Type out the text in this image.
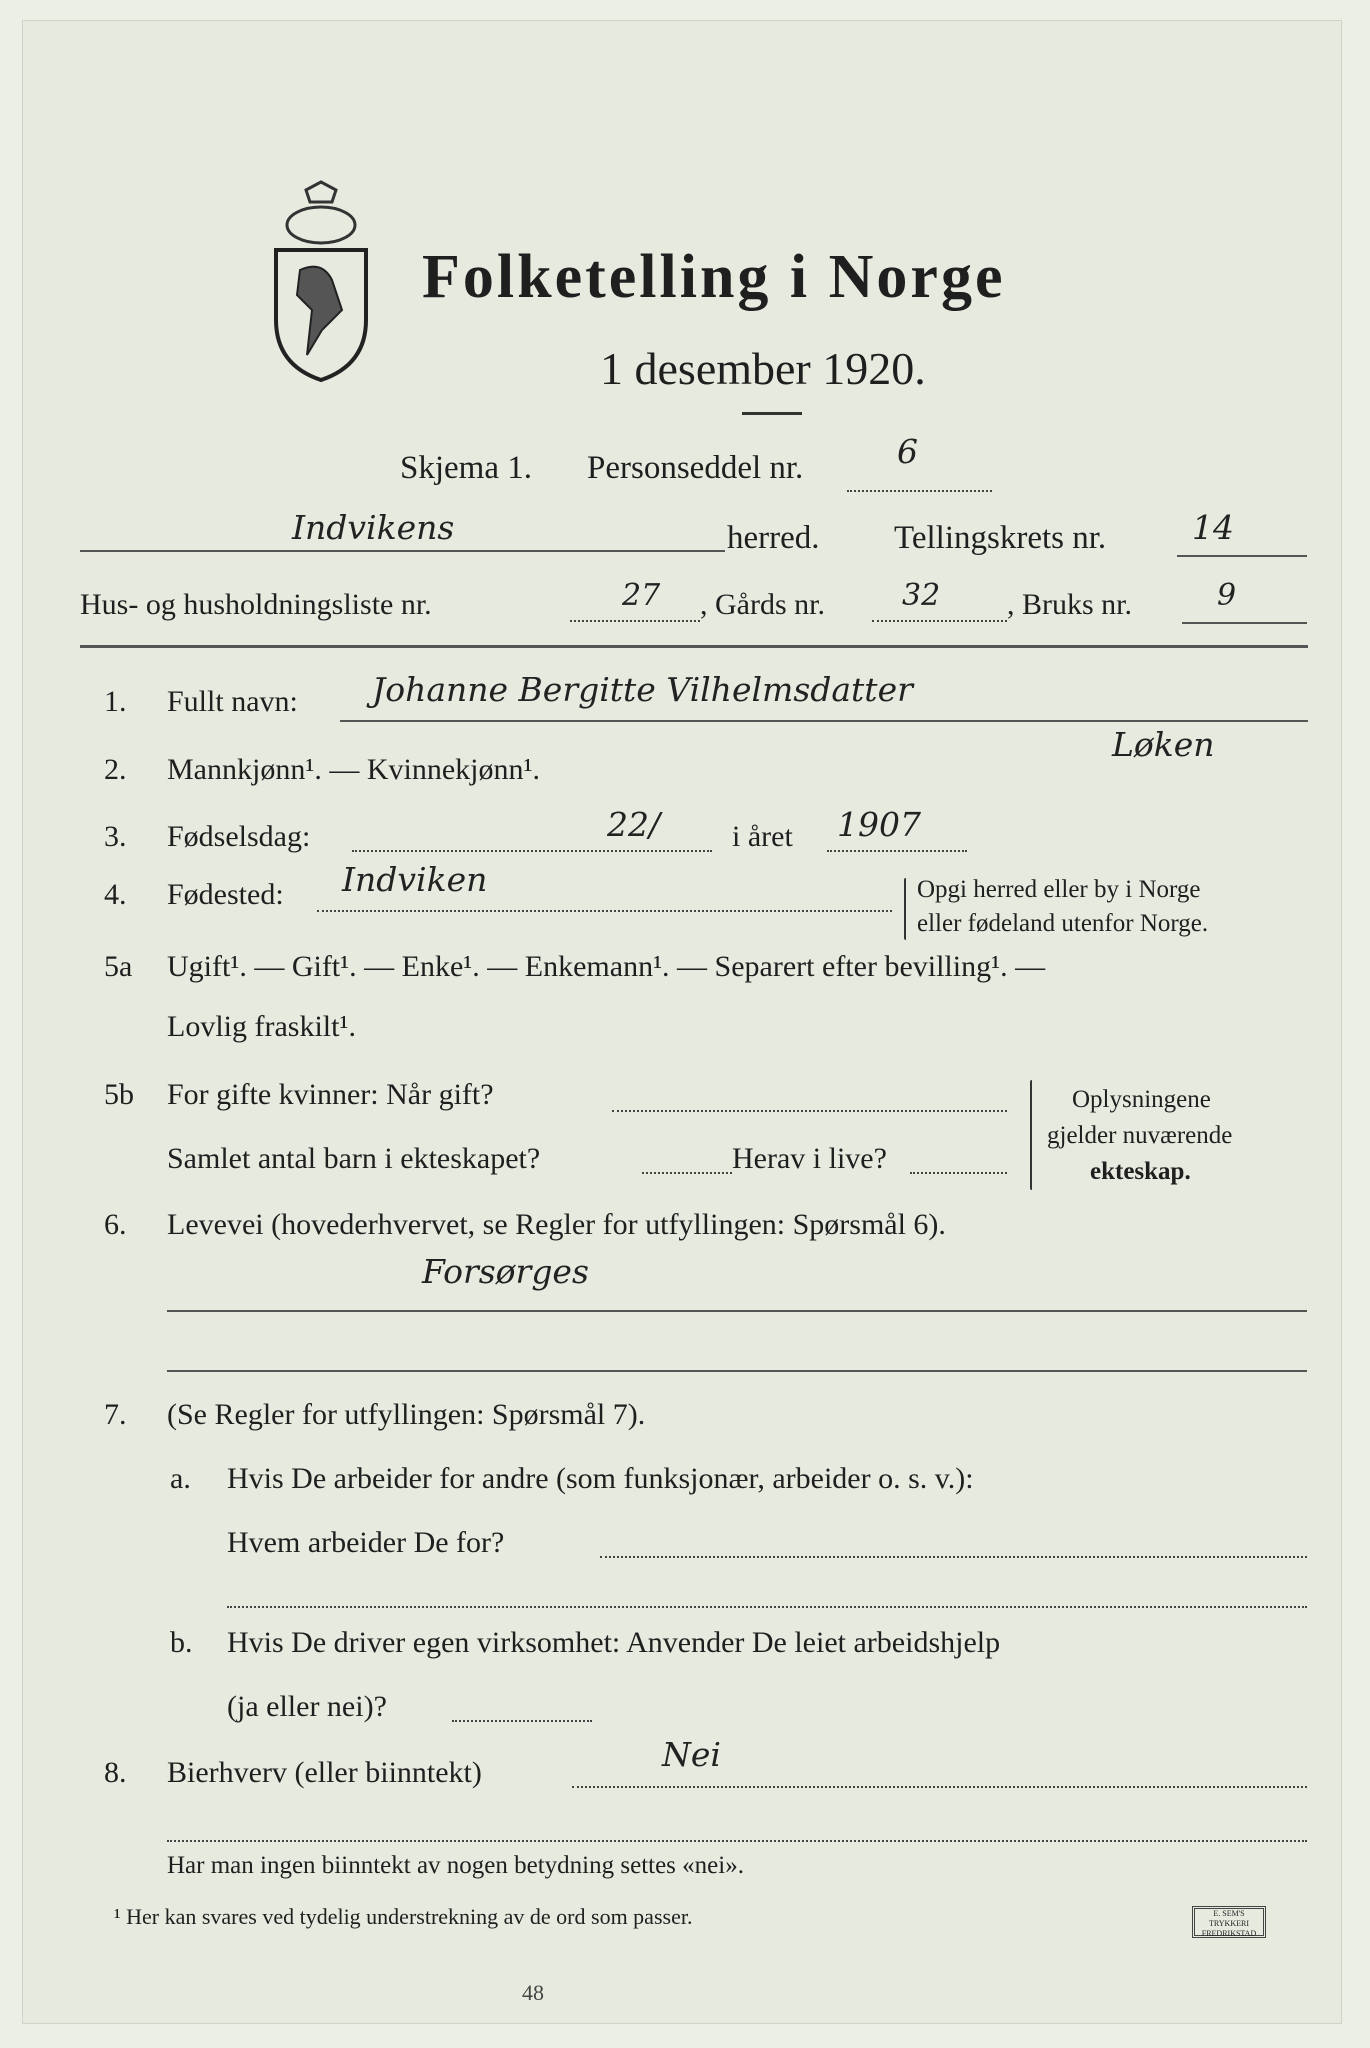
Folketelling i Norge
1 desember 1920.
Skjema 1. Personseddel nr.	6
Indvikens	herred. Tellingskrets nr.	14
Hus- og husholdningsliste nr.	27 , Gårds nr.	32 , Bruks nr.	9
1. Fullt navn: Johanne Bergitte Vilhelmsdatter
Løken
2. Mannkjønn¹. — Kvinnekjønn¹.
3. Fødselsdag:	22/ i året 1907
4. Fødested: Indviken	Opgi herred eller by i Norge
eller fødeland utenfor Norge.
5a Ugift¹. — Gift¹. — Enke¹. — Enkemann¹. — Separert efter bevilling¹. —
Lovlig fraskilt¹.
5b For gifte kvinner: Når gift?
Samlet antal barn i ekteskapet?	Herav i live?
Oplysningene
gjelder nuværende
ekteskap.
6. Levevei (hovederhvervet, se Regler for utfyllingen: Spørsmål 6).
Forsørges
7. (Se Regler for utfyllingen: Spørsmål 7).
a. Hvis De arbeider for andre (som funksjonær, arbeider o. s. v.):
Hvem arbeider De for?
b. Hvis De driver egen virksomhet: Anvender De leiet arbeidshjelp
(ja eller nei)?
8. Bierhverv (eller biinntekt)	Nei
Har man ingen biinntekt av nogen betydning settes «nei».
¹ Her kan svares ved tydelig understrekning av de ord som passer.	E. SEM'S TRYKKERI FREDRIKSTAD
48
